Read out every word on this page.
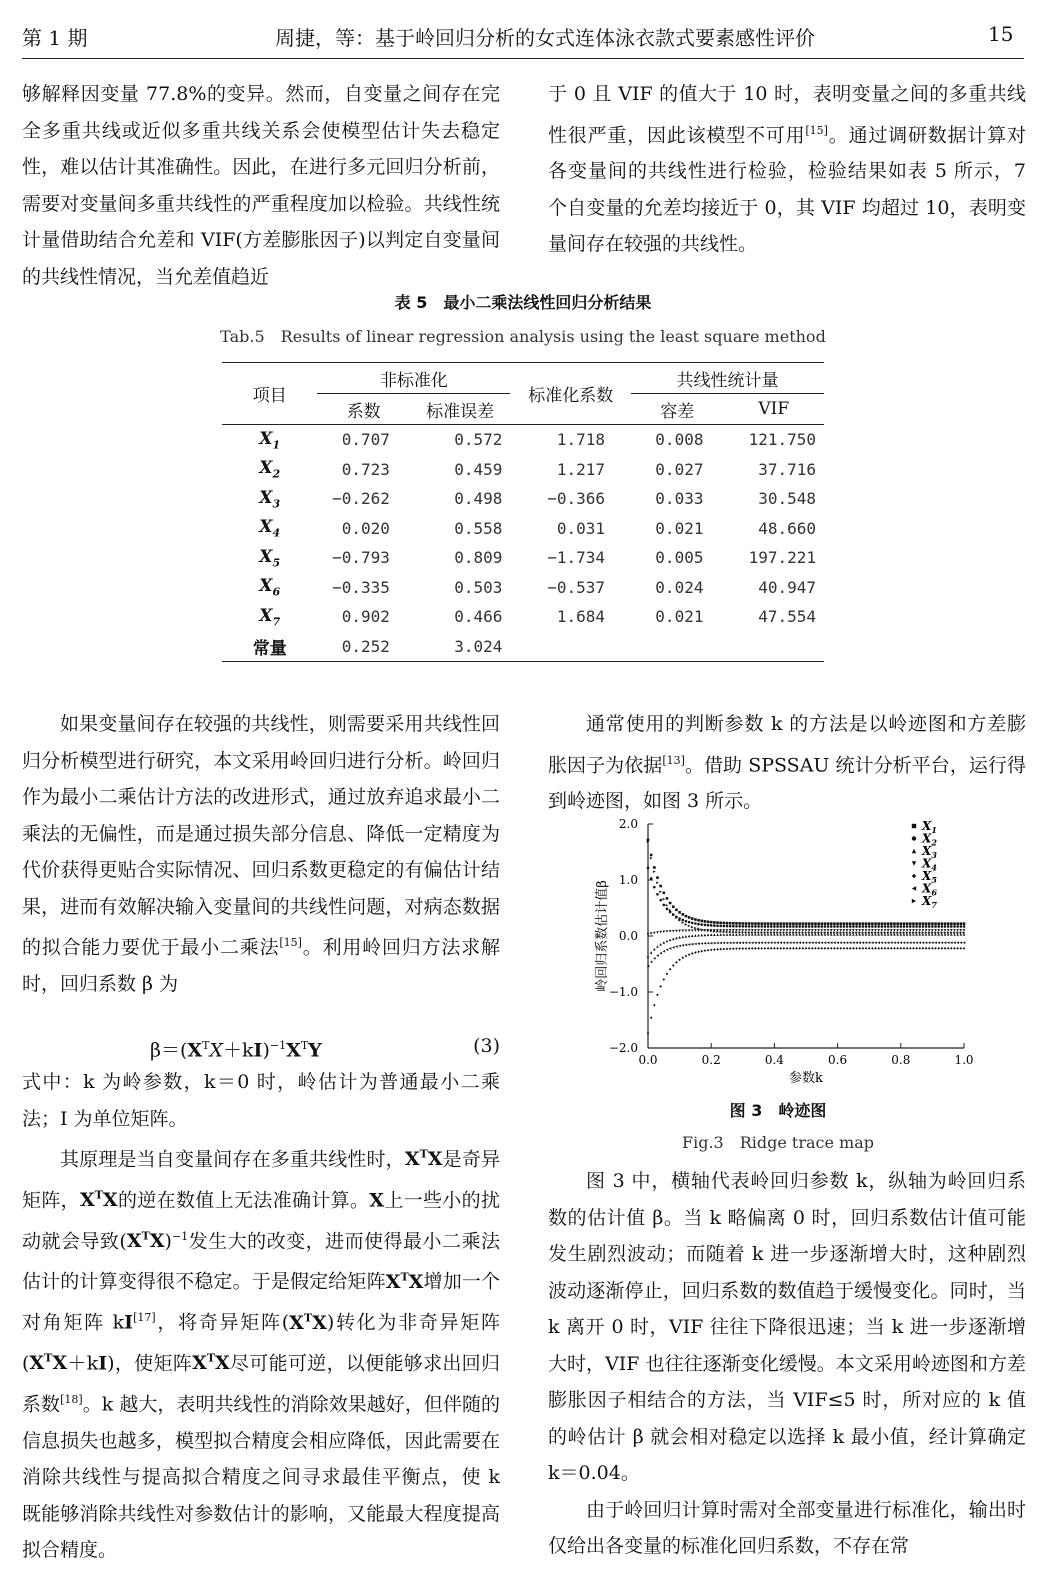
第 1 期	周捷，等：基于岭回归分析的女式连体泳衣款式要素感性评价	15

够解释因变量 77.8%的变异。然而，自变量之间存在完全多重共线或近似多重共线关系会使模型估计失去稳定性，难以估计其准确性。因此，在进行多元回归分析前，需要对变量间多重共线性的严重程度加以检验。共线性统计量借助结合允差和 VIF(方差膨胀因子)以判定自变量间的共线性情况，当允差值趋近

于 0 且 VIF 的值大于 10 时，表明变量之间的多重共线性很严重，因此该模型不可用[15]。通过调研数据计算对各变量间的共线性进行检验，检验结果如表 5 所示，7 个自变量的允差均接近于 0，其 VIF 均超过 10，表明变量间存在较强的共线性。

表 5　最小二乘法线性回归分析结果
Tab.5　Results of linear regression analysis using the least square method
项目	非标准化		标准化系数	共线性统计量	
	系数	标准误差		容差	VIF
$X_1$	0.707	0.572	1.718	0.008	121.750
$X_2$	0.723	0.459	1.217	0.027	37.716
$X_3$	−0.262	0.498	−0.366	0.033	30.548
$X_4$	0.020	0.558	0.031	0.021	48.660
$X_5$	−0.793	0.809	−1.734	0.005	197.221
$X_6$	−0.335	0.503	−0.537	0.024	40.947
$X_7$	0.902	0.466	1.684	0.021	47.554
常量	0.252	3.024			

如果变量间存在较强的共线性，则需要采用共线性回归分析模型进行研究，本文采用岭回归进行分析。岭回归作为最小二乘估计方法的改进形式，通过放弃追求最小二乘法的无偏性，而是通过损失部分信息、降低一定精度为代价获得更贴合实际情况、回归系数更稳定的有偏估计结果，进而有效解决输入变量间的共线性问题，对病态数据的拟合能力要优于最小二乘法[15]。利用岭回归方法求解时，回归系数 β 为

$\beta=(X^TX+kI)^{-1}X^TY$	(3)

式中：k 为岭参数，k＝0 时，岭估计为普通最小二乘法；I 为单位矩阵。

其原理是当自变量间存在多重共线性时，$X^TX$是奇异矩阵，$X^TX$的逆在数值上无法准确计算。X上一些小的扰动就会导致$(X^TX)^{-1}$发生大的改变，进而使得最小二乘法估计的计算变得很不稳定。于是假定给矩阵$X^TX$增加一个对角矩阵 kI[17]，将奇异矩阵$(X^TX)$转化为非奇异矩阵$(X^TX+kI)$，使矩阵$X^TX$尽可能可逆，以便能够求出回归系数[18]。k 越大，表明共线性的消除效果越好，但伴随的信息损失也越多，模型拟合精度会相应降低，因此需要在消除共线性与提高拟合精度之间寻求最佳平衡点，使 k 既能够消除共线性对参数估计的影响，又能最大程度提高拟合精度。

通常使用的判断参数 k 的方法是以岭迹图和方差膨胀因子为依据[13]。借助 SPSSAU 统计分析平台，运行得到岭迹图，如图 3 所示。

2.0
1.0
0.0
−1.0
−2.0
0.0	0.2	0.4	0.6	0.8	1.0
$X_1$
$X_2$
$X_3$
$X_4$
$X_5$
$X_6$
$X_7$
参数k
岭回归系数估计值β
图 3　岭迹图
Fig.3　Ridge trace map

图 3 中，横轴代表岭回归参数 k，纵轴为岭回归系数的估计值 β。当 k 略偏离 0 时，回归系数估计值可能发生剧烈波动；而随着 k 进一步逐渐增大时，这种剧烈波动逐渐停止，回归系数的数值趋于缓慢变化。同时，当 k 离开 0 时，VIF 往往下降很迅速；当 k 进一步逐渐增大时，VIF 也往往逐渐变化缓慢。本文采用岭迹图和方差膨胀因子相结合的方法，当 VIF≤5 时，所对应的 k 值的岭估计 β 就会相对稳定以选择 k 最小值，经计算确定 k＝0.04。

由于岭回归计算时需对全部变量进行标准化，输出时仅给出各变量的标准化回归系数，不存在常
